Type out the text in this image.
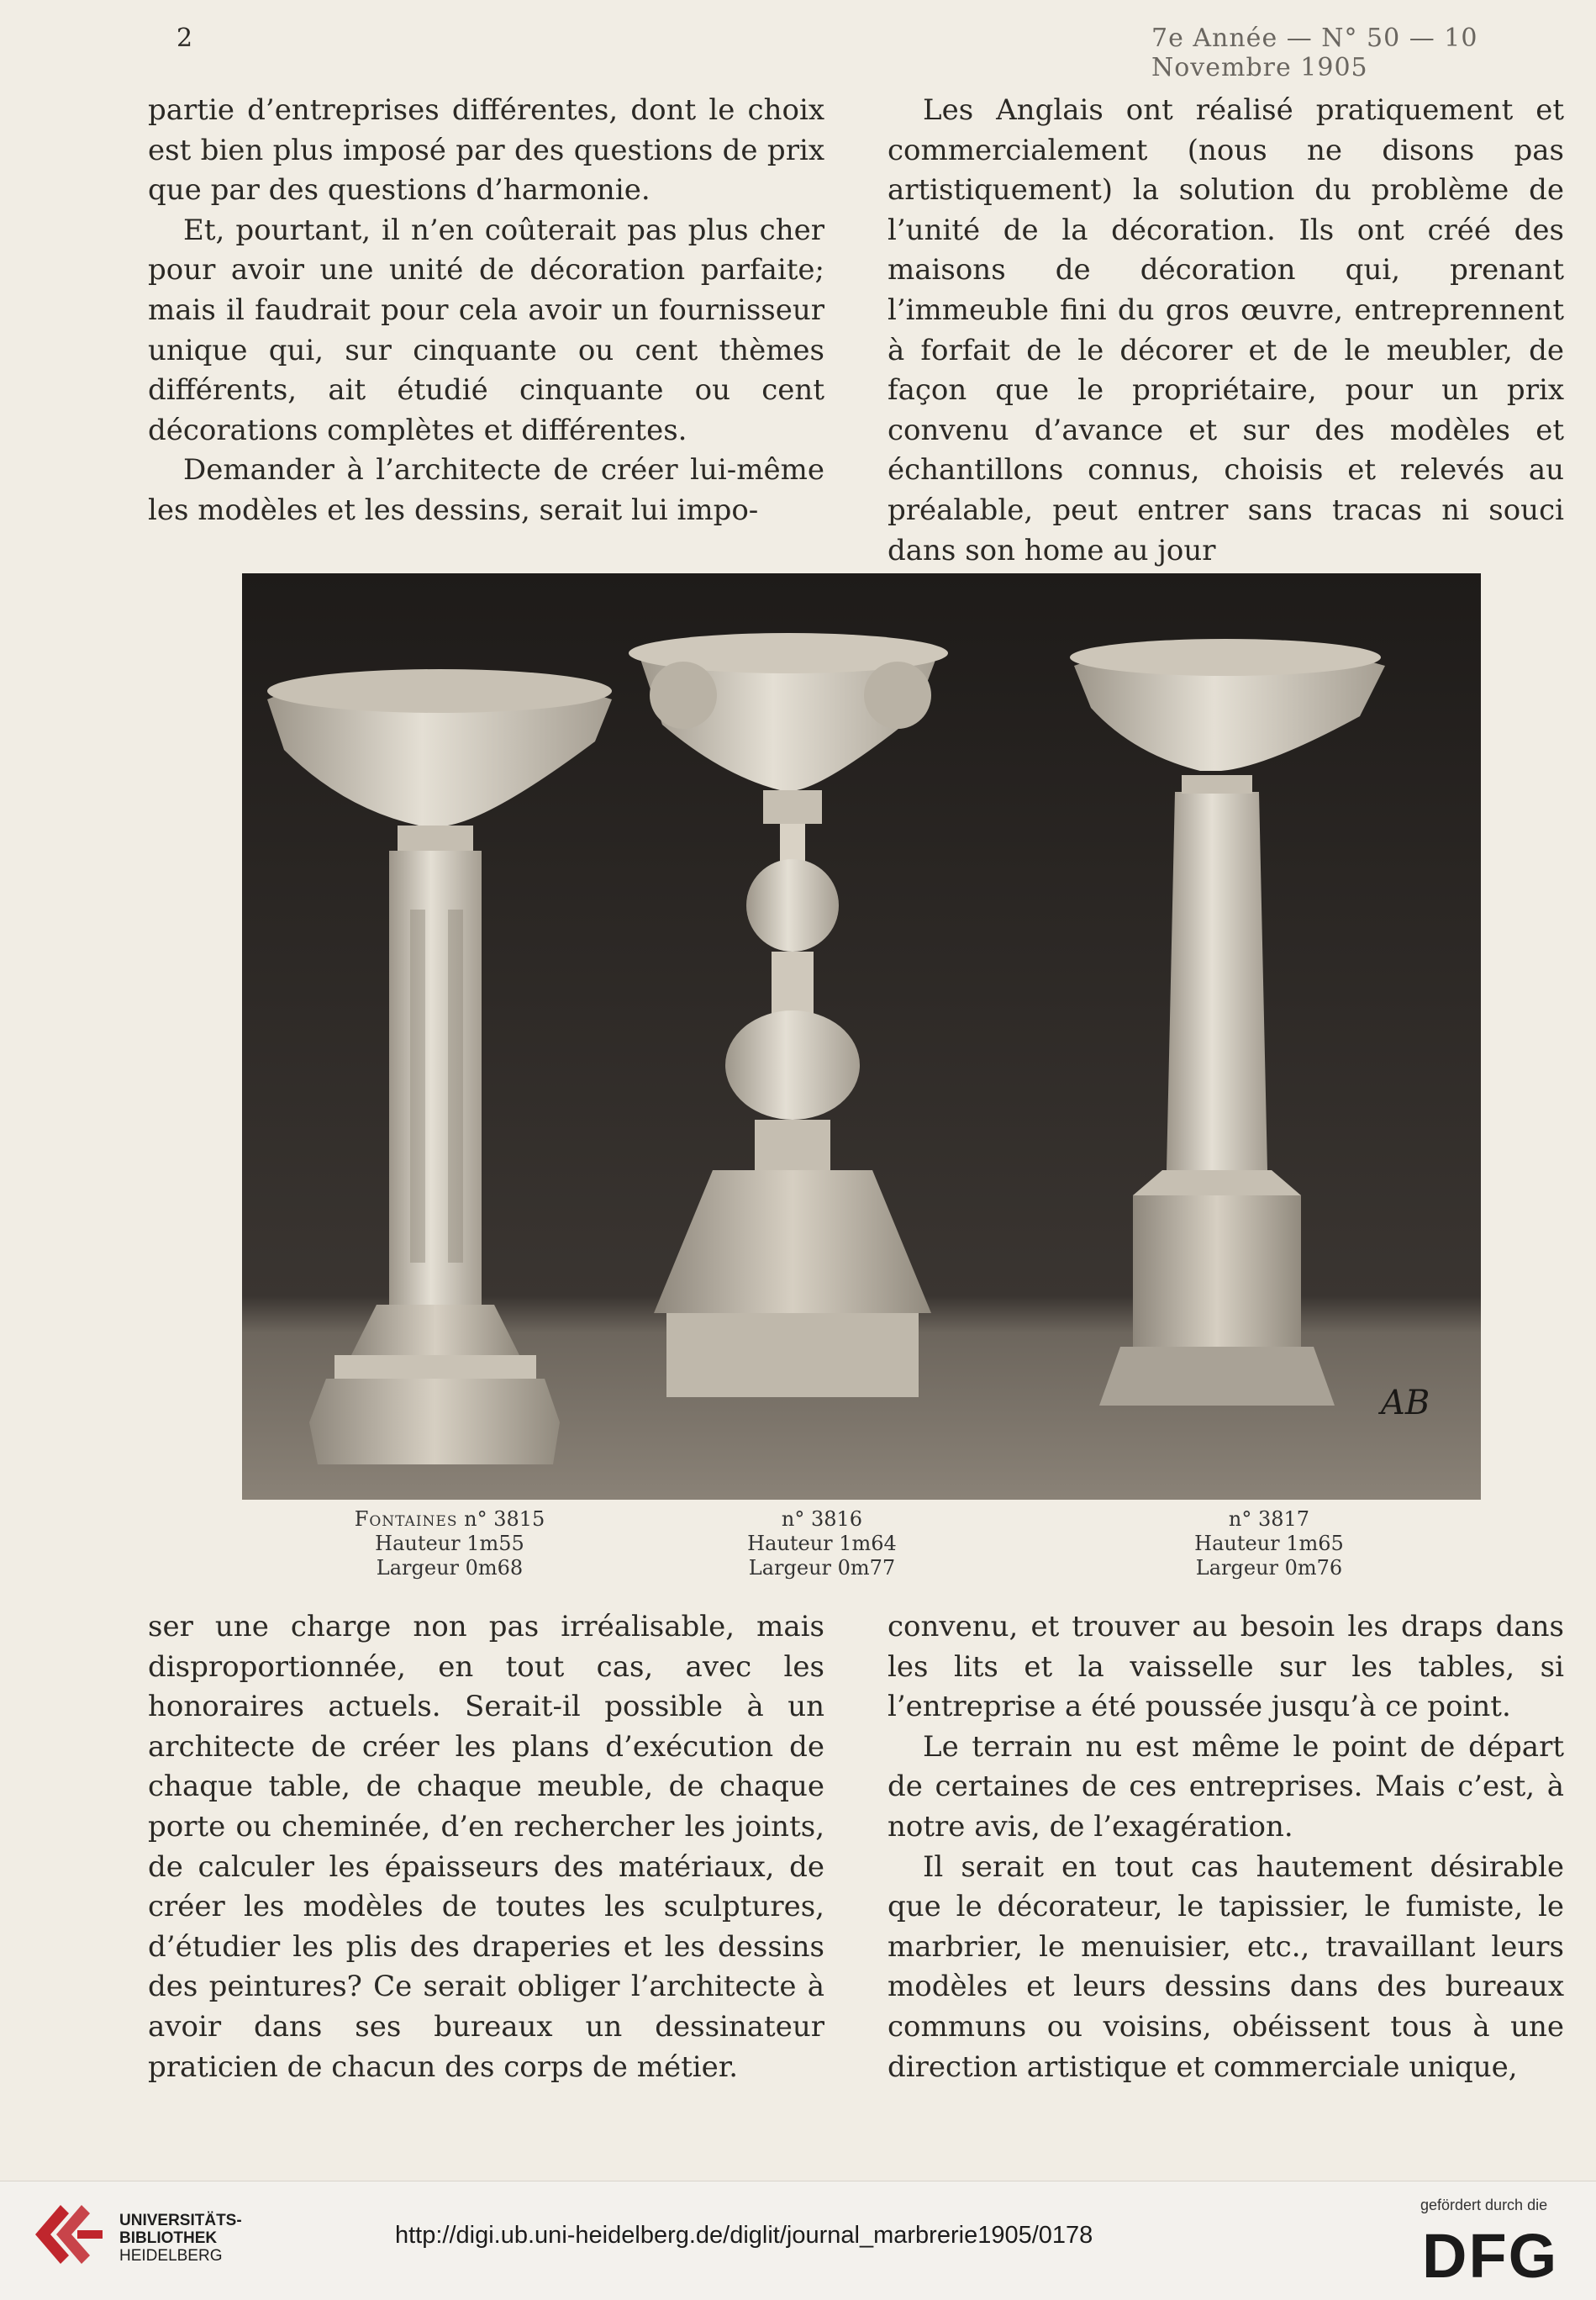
2	7e Année — N° 50 — 10 Novembre 1905

partie d’entreprises différentes, dont le choix est bien plus imposé par des questions de prix que par des questions d’harmonie.

Et, pourtant, il n’en coûterait pas plus cher pour avoir une unité de décoration parfaite; mais il faudrait pour cela avoir un fournisseur unique qui, sur cinquante ou cent thèmes différents, ait étudié cinquante ou cent décorations complètes et différentes.

Demander à l’architecte de créer lui-même les modèles et les dessins, serait lui impo-

Les Anglais ont réalisé pratiquement et commercialement (nous ne disons pas artistiquement) la solution du problème de l’unité de la décoration. Ils ont créé des maisons de décoration qui, prenant l’immeuble fini du gros œuvre, entreprennent à forfait de le décorer et de le meubler, de façon que le propriétaire, pour un prix convenu d’avance et sur des modèles et échantillons connus, choisis et relevés au préalable, peut entrer sans tracas ni souci dans son home au jour

AB
Fontaines n° 3815
Hauteur 1m55
Largeur 0m68
n° 3816
Hauteur 1m64
Largeur 0m77
n° 3817
Hauteur 1m65
Largeur 0m76

ser une charge non pas irréalisable, mais disproportionnée, en tout cas, avec les honoraires actuels. Serait-il possible à un architecte de créer les plans d’exécution de chaque table, de chaque meuble, de chaque porte ou cheminée, d’en rechercher les joints, de calculer les épaisseurs des matériaux, de créer les modèles de toutes les sculptures, d’étudier les plis des draperies et les dessins des peintures? Ce serait obliger l’architecte à avoir dans ses bureaux un dessinateur praticien de chacun des corps de métier.

convenu, et trouver au besoin les draps dans les lits et la vaisselle sur les tables, si l’entreprise a été poussée jusqu’à ce point.

Le terrain nu est même le point de départ de certaines de ces entreprises. Mais c’est, à notre avis, de l’exagération.

Il serait en tout cas hautement désirable que le décorateur, le tapissier, le fumiste, le marbrier, le menuisier, etc., travaillant leurs modèles et leurs dessins dans des bureaux communs ou voisins, obéissent tous à une direction artistique et commerciale unique,

UNIVERSITÄTS-
BIBLIOTHEK
HEIDELBERG
http://digi.ub.uni-heidelberg.de/diglit/journal_marbrerie1905/0178
gefördert durch die
DFG
